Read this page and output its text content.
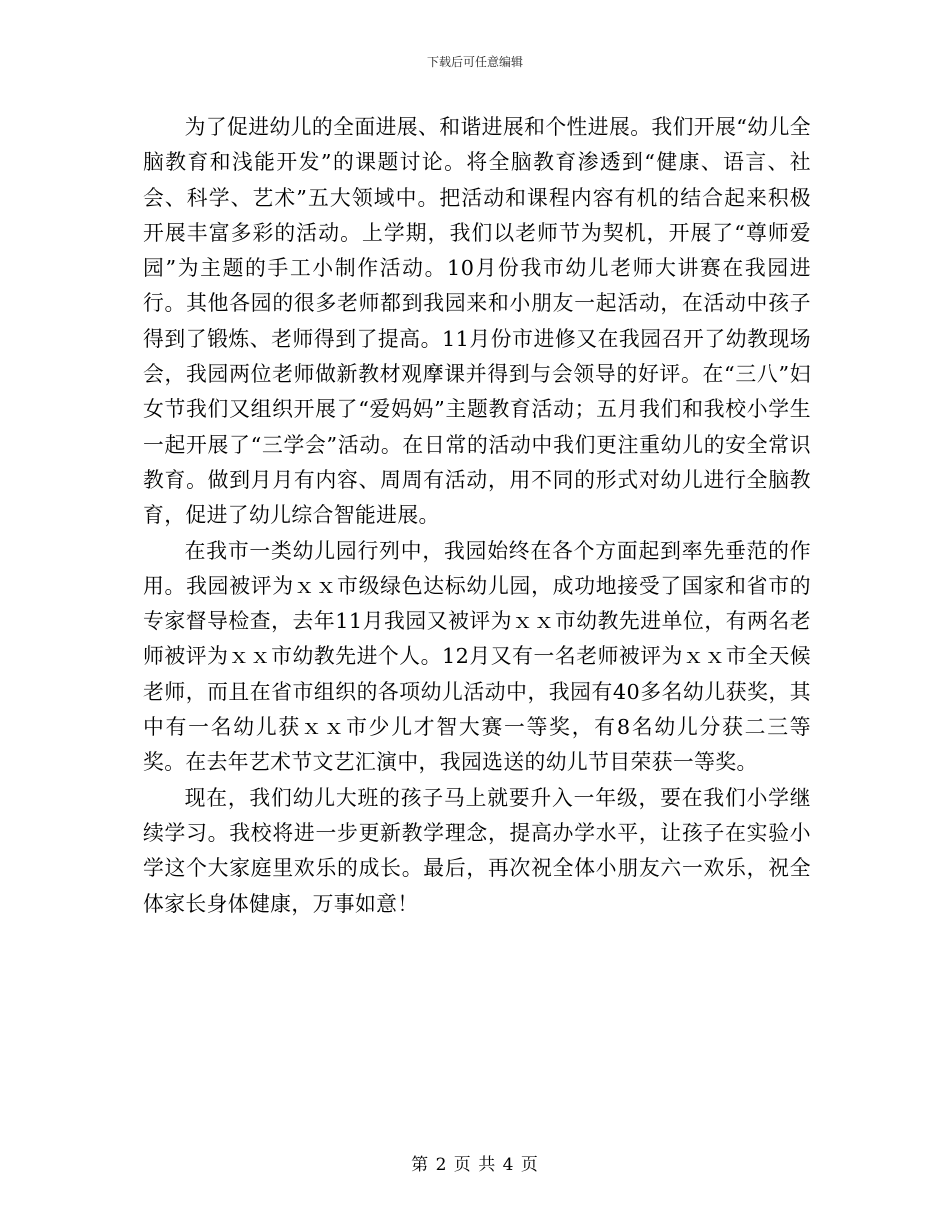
下载后可任意编辑

为了促进幼儿的全面进展、和谐进展和个性进展。我们开展“幼儿全脑教育和浅能开发”的课题讨论。将全脑教育渗透到“健康、语言、社会、科学、艺术”五大领域中。把活动和课程内容有机的结合起来积极开展丰富多彩的活动。上学期，我们以老师节为契机，开展了“尊师爱园”为主题的手工小制作活动。10月份我市幼儿老师大讲赛在我园进行。其他各园的很多老师都到我园来和小朋友一起活动，在活动中孩子得到了锻炼、老师得到了提高。11月份市进修又在我园召开了幼教现场会，我园两位老师做新教材观摩课并得到与会领导的好评。在“三八”妇女节我们又组织开展了“爱妈妈”主题教育活动；五月我们和我校小学生一起开展了“三学会”活动。在日常的活动中我们更注重幼儿的安全常识教育。做到月月有内容、周周有活动，用不同的形式对幼儿进行全脑教育，促进了幼儿综合智能进展。

在我市一类幼儿园行列中，我园始终在各个方面起到率先垂范的作用。我园被评为ｘｘ市级绿色达标幼儿园，成功地接受了国家和省市的专家督导检查，去年11月我园又被评为ｘｘ市幼教先进单位，有两名老师被评为ｘｘ市幼教先进个人。12月又有一名老师被评为ｘｘ市全天候老师，而且在省市组织的各项幼儿活动中，我园有40多名幼儿获奖，其中有一名幼儿获ｘｘ市少儿才智大赛一等奖，有8名幼儿分获二三等奖。在去年艺术节文艺汇演中，我园选送的幼儿节目荣获一等奖。

现在，我们幼儿大班的孩子马上就要升入一年级，要在我们小学继续学习。我校将进一步更新教学理念，提高办学水平，让孩子在实验小学这个大家庭里欢乐的成长。最后，再次祝全体小朋友六一欢乐，祝全体家长身体健康，万事如意！

第 2 页 共 4 页
